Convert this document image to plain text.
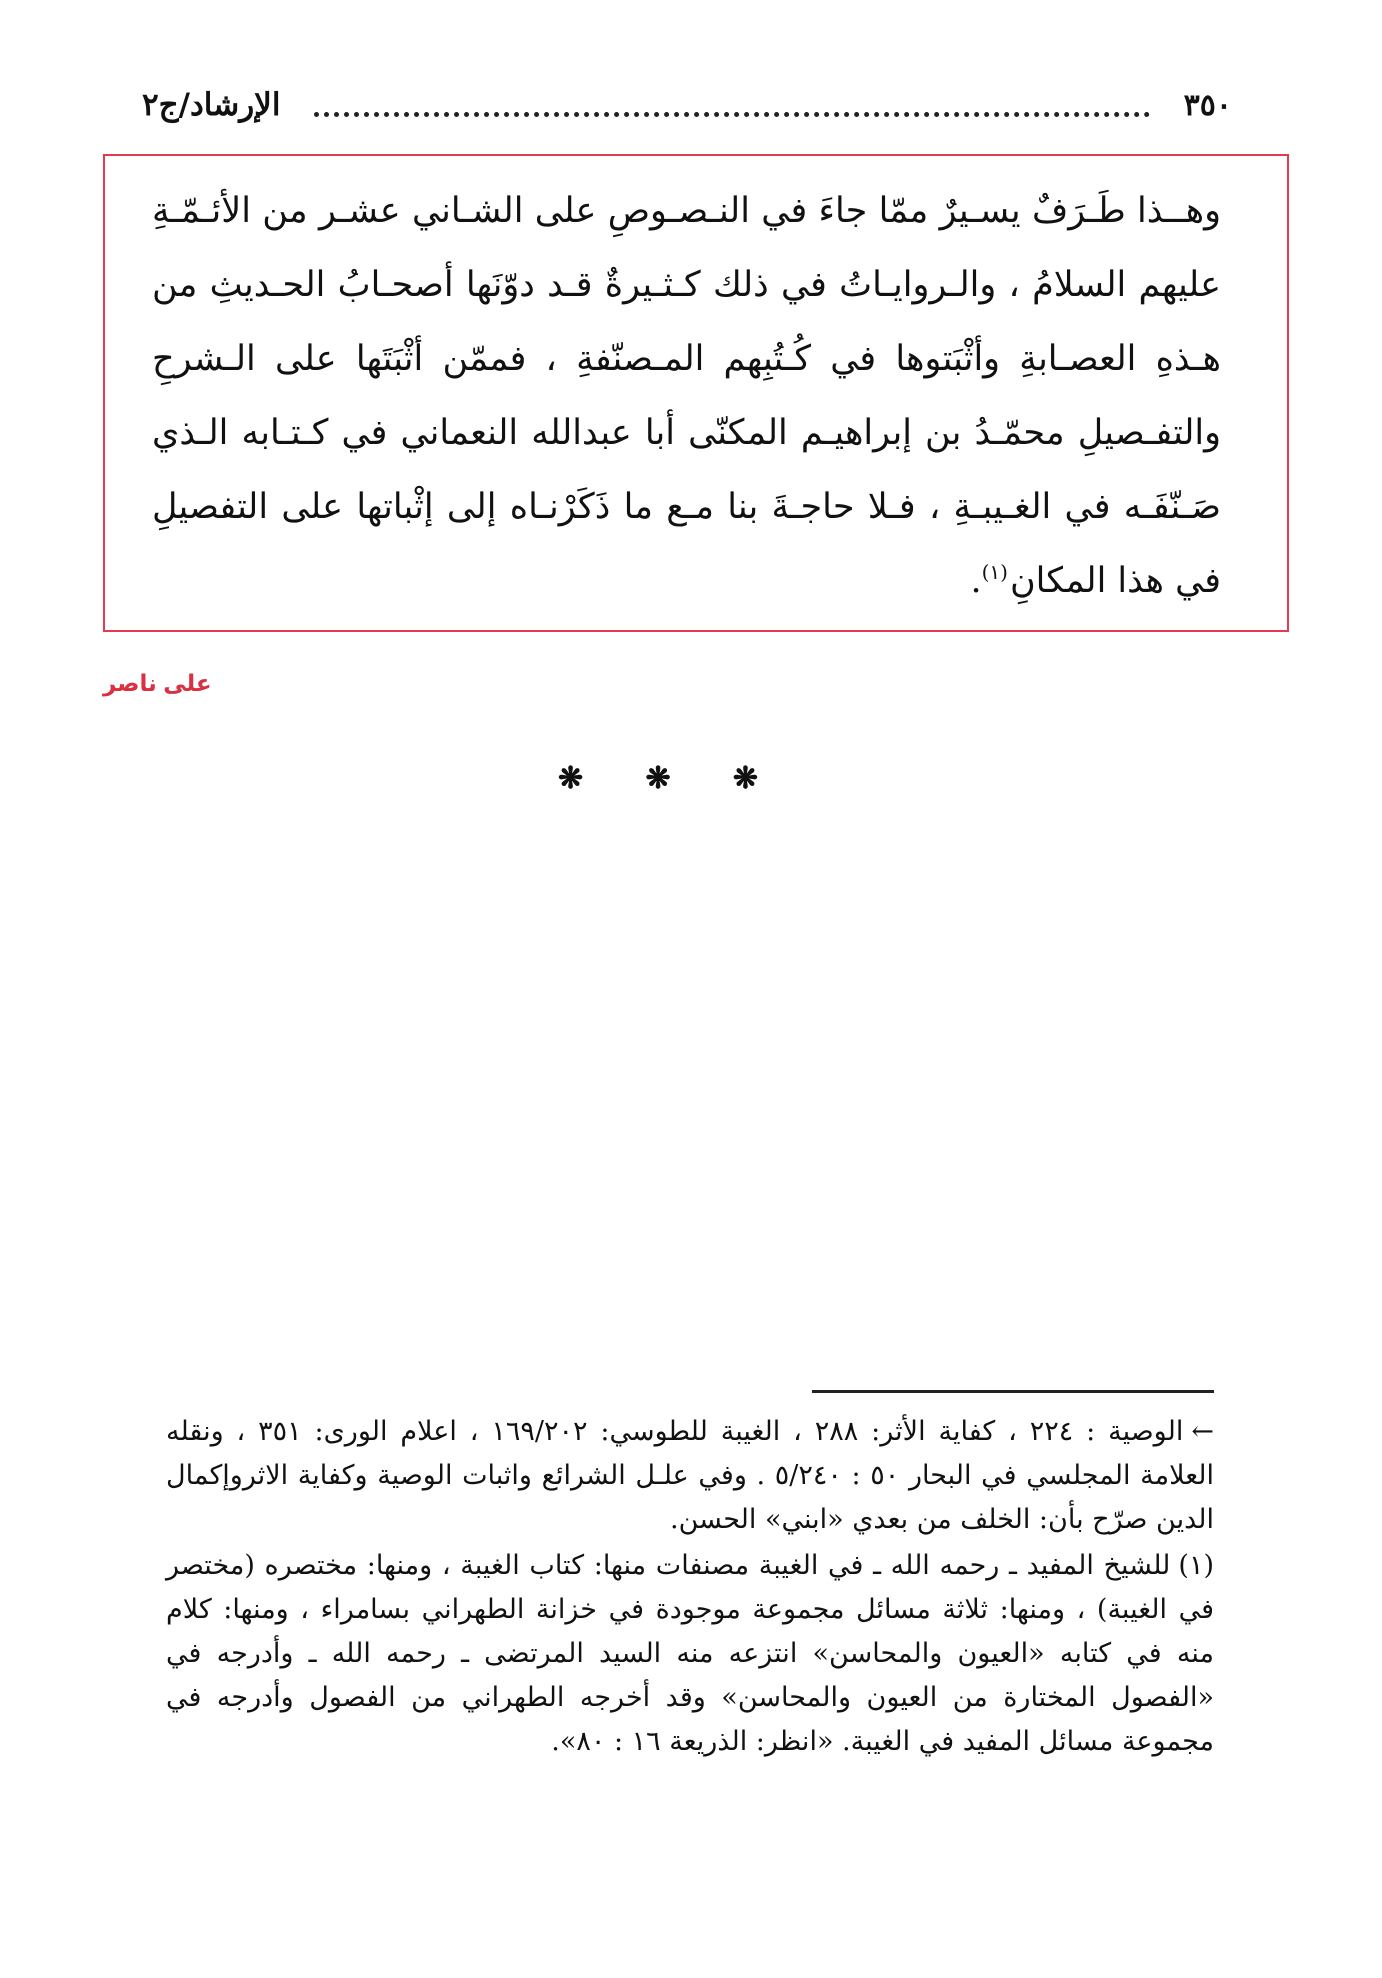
٣٥٠
الإرشاد/ج٢
وهــذا طَـرَفٌ يسـيرٌ ممّا جاءَ في النـصـوصِ على الشـاني عشـر من الأئـمّـةِ عليهم السلامُ ، والـروايـاتُ في ذلك كـثـيرةٌ قـد دوّنَها أصحـابُ الحـديثِ من هـذهِ العصـابةِ وأثْبَتوها في كُـتُبِهم المـصنّفةِ ، فممّن أثْبَتَها على الـشرحِ والتفـصيلِ محمّـدُ بن إبراهيـم المكنّى أبا عبدالله النعماني في كـتـابه الـذي صَـنّفَـه في الغـيبـةِ ، فـلا حاجـةَ بنا مـع ما ذَكَرْنـاه إلى إثْباتها على التفصيلِ في هذا المكانِ$^{(١)}$.
علی ناصر
❋
❋
❋

←الوصية : ٢٢٤ ، كفاية الأثر: ٢٨٨ ، الغيبة للطوسي: ١٦٩/٢٠٢ ، اعلام الورى: ٣٥١ ، ونقله العلامة المجلسي في البحار ٥٠ : ٥/٢٤٠ . وفي علـل الشرائع واثبات الوصية وكفاية الاثروإكمال الدين صرّح بأن: الخلف من بعدي «ابني» الحسن.

(١)للشيخ المفيد ـ رحمه الله ـ في الغيبة مصنفات منها: كتاب الغيبة ، ومنها: مختصره (مختصر في الغيبة) ، ومنها: ثلاثة مسائل مجموعة موجودة في خزانة الطهراني بسامراء ، ومنها: كلام منه في كتابه «العيون والمحاسن» انتزعه منه السيد المرتضى ـ رحمه الله ـ وأدرجه في «الفصول المختارة من العيون والمحاسن» وقد أخرجه الطهراني من الفصول وأدرجه في مجموعة مسائل المفيد في الغيبة. «انظر: الذريعة ١٦ : ٨٠».
